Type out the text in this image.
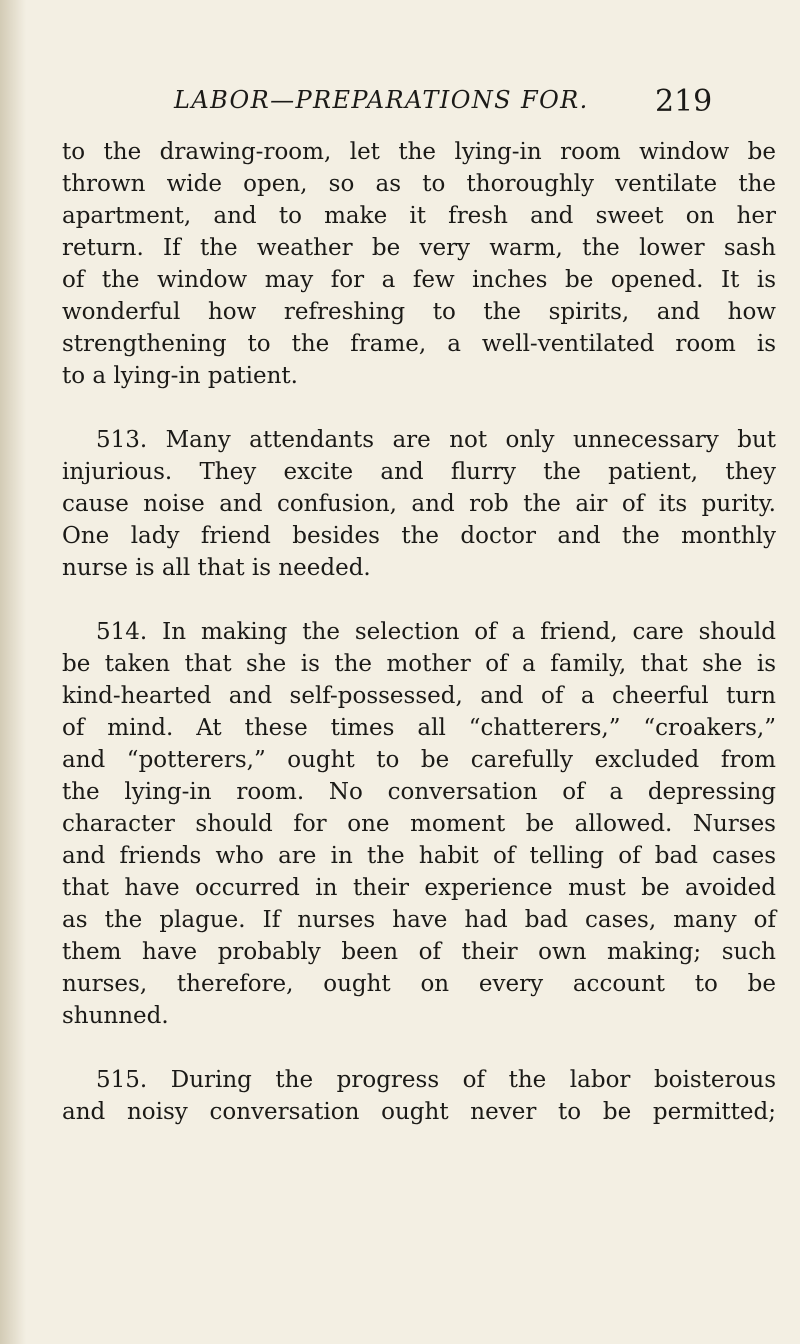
LABOR—PREPARATIONS FOR. 219

to the drawing-room, let the lying-in room window be
thrown wide open, so as to thoroughly ventilate the
apartment, and to make it fresh and sweet on her
return. If the weather be very warm, the lower sash
of the window may for a few inches be opened. It is
wonderful how refreshing to the spirits, and how
strengthening to the frame, a well-ventilated room is
to a lying-in patient.

513. Many attendants are not only unnecessary but
injurious. They excite and flurry the patient, they
cause noise and confusion, and rob the air of its purity.
One lady friend besides the doctor and the monthly
nurse is all that is needed.

514. In making the selection of a friend, care should
be taken that she is the mother of a family, that she is
kind-hearted and self-possessed, and of a cheerful turn
of mind. At these times all “chatterers,” “croakers,”
and “potterers,” ought to be carefully excluded from
the lying-in room. No conversation of a depressing
character should for one moment be allowed. Nurses
and friends who are in the habit of telling of bad cases
that have occurred in their experience must be avoided
as the plague. If nurses have had bad cases, many of
them have probably been of their own making; such
nurses, therefore, ought on every account to be
shunned.

515. During the progress of the labor boisterous
and noisy conversation ought never to be permitted;
